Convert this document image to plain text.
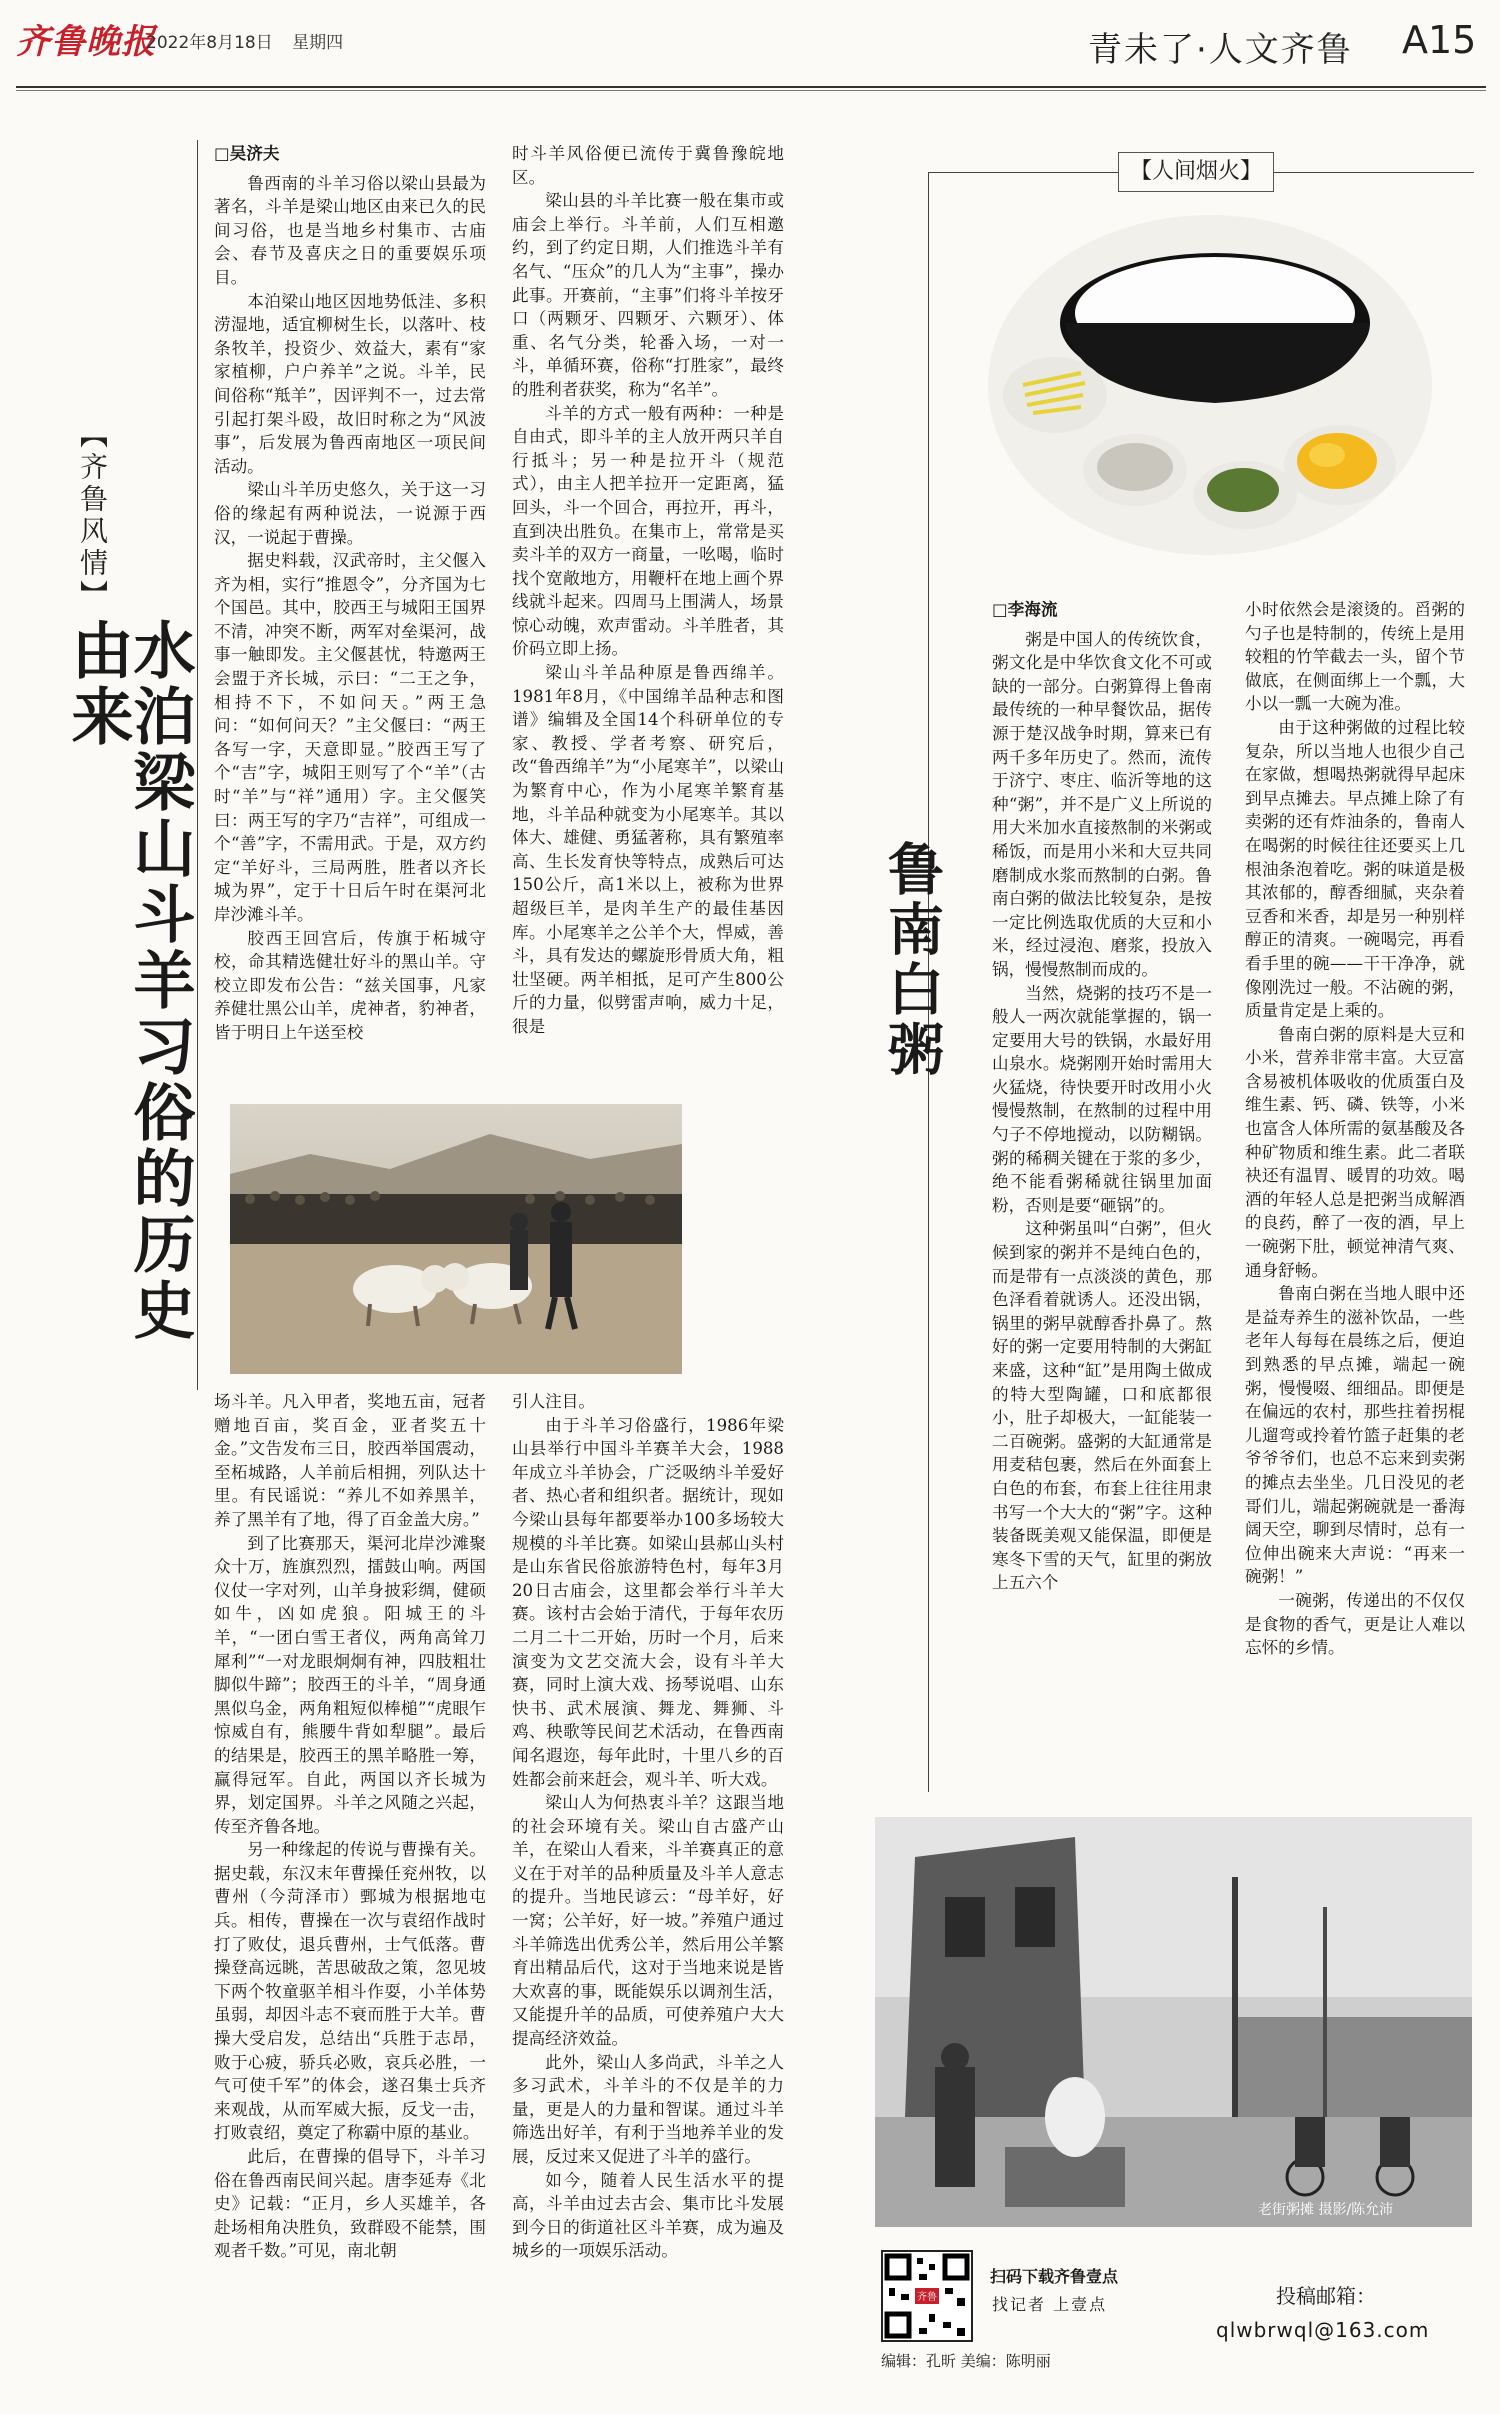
齐鲁晚报
2022年8月18日 星期四	青未了·人文齐鲁 A15
【齐鲁风情】
水泊梁山斗羊习俗的历史由来

□吴济夫

鲁西南的斗羊习俗以梁山县最为著名，斗羊是梁山地区由来已久的民间习俗，也是当地乡村集市、古庙会、春节及喜庆之日的重要娱乐项目。

本泊梁山地区因地势低洼、多积涝湿地，适宜柳树生长，以落叶、枝条牧羊，投资少、效益大，素有“家家植柳，户户养羊”之说。斗羊，民间俗称“羝羊”，因评判不一，过去常引起打架斗殴，故旧时称之为“风波事”，后发展为鲁西南地区一项民间活动。

梁山斗羊历史悠久，关于这一习俗的缘起有两种说法，一说源于西汉，一说起于曹操。

据史料载，汉武帝时，主父偃入齐为相，实行“推恩令”，分齐国为七个国邑。其中，胶西王与城阳王国界不清，冲突不断，两军对垒渠河，战事一触即发。主父偃甚忧，特邀两王会盟于齐长城，示曰：“二王之争，相持不下，不如问天。”两王急问：“如何问天？”主父偃曰：“两王各写一字，天意即显。”胶西王写了个“吉”字，城阳王则写了个“羊”（古时“羊”与“祥”通用）字。主父偃笑曰：两王写的字乃“吉祥”，可组成一个“善”字，不需用武。于是，双方约定“羊好斗，三局两胜，胜者以齐长城为界”，定于十日后午时在渠河北岸沙滩斗羊。

胶西王回宫后，传旗于柘城守校，命其精选健壮好斗的黑山羊。守校立即发布公告：“兹关国事，凡家养健壮黑公山羊，虎神者，豹神者，皆于明日上午送至校

时斗羊风俗便已流传于冀鲁豫皖地区。

梁山县的斗羊比赛一般在集市或庙会上举行。斗羊前，人们互相邀约，到了约定日期，人们推选斗羊有名气、“压众”的几人为“主事”，操办此事。开赛前，“主事”们将斗羊按牙口（两颗牙、四颗牙、六颗牙）、体重、名气分类，轮番入场，一对一斗，单循环赛，俗称“打胜家”，最终的胜利者获奖，称为“名羊”。

斗羊的方式一般有两种：一种是自由式，即斗羊的主人放开两只羊自行抵斗；另一种是拉开斗（规范式），由主人把羊拉开一定距离，猛回头，斗一个回合，再拉开，再斗，直到决出胜负。在集市上，常常是买卖斗羊的双方一商量，一吆喝，临时找个宽敞地方，用鞭杆在地上画个界线就斗起来。四周马上围满人，场景惊心动魄，欢声雷动。斗羊胜者，其价码立即上扬。

梁山斗羊品种原是鲁西绵羊。1981年8月，《中国绵羊品种志和图谱》编辑及全国14个科研单位的专家、教授、学者考察、研究后，改“鲁西绵羊”为“小尾寒羊”，以梁山为繁育中心，作为小尾寒羊繁育基地，斗羊品种就变为小尾寒羊。其以体大、雄健、勇猛著称，具有繁殖率高、生长发育快等特点，成熟后可达150公斤，高1米以上，被称为世界超级巨羊，是肉羊生产的最佳基因库。小尾寒羊之公羊个大，悍威，善斗，具有发达的螺旋形骨质大角，粗壮坚硬。两羊相抵，足可产生800公斤的力量，似劈雷声响，威力十足，很是

场斗羊。凡入甲者，奖地五亩，冠者赠地百亩，奖百金，亚者奖五十金。”文告发布三日，胶西举国震动，至柘城路，人羊前后相拥，列队达十里。有民谣说：“养儿不如养黑羊，养了黑羊有了地，得了百金盖大房。”

到了比赛那天，渠河北岸沙滩聚众十万，旌旗烈烈，擂鼓山响。两国仪仗一字对列，山羊身披彩绸，健硕如牛，凶如虎狼。阳城王的斗羊，“一团白雪王者仪，两角高耸刀犀利”“一对龙眼炯炯有神，四肢粗壮脚似牛蹄”；胶西王的斗羊，“周身通黑似乌金，两角粗短似棒槌”“虎眼乍惊威自有，熊腰牛背如犁腿”。最后的结果是，胶西王的黑羊略胜一筹，赢得冠军。自此，两国以齐长城为界，划定国界。斗羊之风随之兴起，传至齐鲁各地。

另一种缘起的传说与曹操有关。据史载，东汉末年曹操任兖州牧，以曹州（今菏泽市）鄄城为根据地屯兵。相传，曹操在一次与袁绍作战时打了败仗，退兵曹州，士气低落。曹操登高远眺，苦思破敌之策，忽见坡下两个牧童驱羊相斗作耍，小羊体势虽弱，却因斗志不衰而胜于大羊。曹操大受启发，总结出“兵胜于志昂，败于心疲，骄兵必败，哀兵必胜，一气可使千军”的体会，遂召集士兵齐来观战，从而军威大振，反戈一击，打败袁绍，奠定了称霸中原的基业。

此后，在曹操的倡导下，斗羊习俗在鲁西南民间兴起。唐李延寿《北史》记载：“正月，乡人买雄羊，各赴场相角决胜负，致群殴不能禁，围观者千数。”可见，南北朝

引人注目。

由于斗羊习俗盛行，1986年梁山县举行中国斗羊赛羊大会，1988年成立斗羊协会，广泛吸纳斗羊爱好者、热心者和组织者。据统计，现如今梁山县每年都要举办100多场较大规模的斗羊比赛。如梁山县郝山头村是山东省民俗旅游特色村，每年3月20日古庙会，这里都会举行斗羊大赛。该村古会始于清代，于每年农历二月二十二开始，历时一个月，后来演变为文艺交流大会，设有斗羊大赛，同时上演大戏、扬琴说唱、山东快书、武术展演、舞龙、舞狮、斗鸡、秧歌等民间艺术活动，在鲁西南闻名遐迩，每年此时，十里八乡的百姓都会前来赶会，观斗羊、听大戏。

梁山人为何热衷斗羊？这跟当地的社会环境有关。梁山自古盛产山羊，在梁山人看来，斗羊赛真正的意义在于对羊的品种质量及斗羊人意志的提升。当地民谚云：“母羊好，好一窝；公羊好，好一坡。”养殖户通过斗羊筛选出优秀公羊，然后用公羊繁育出精品后代，这对于当地来说是皆大欢喜的事，既能娱乐以调剂生活，又能提升羊的品质，可使养殖户大大提高经济效益。

此外，梁山人多尚武，斗羊之人多习武术，斗羊斗的不仅是羊的力量，更是人的力量和智谋。通过斗羊筛选出好羊，有利于当地养羊业的发展，反过来又促进了斗羊的盛行。

如今，随着人民生活水平的提高，斗羊由过去古会、集市比斗发展到今日的街道社区斗羊赛，成为遍及城乡的一项娱乐活动。

【人间烟火】
鲁南白粥

□李海流

粥是中国人的传统饮食，粥文化是中华饮食文化不可或缺的一部分。白粥算得上鲁南最传统的一种早餐饮品，据传源于楚汉战争时期，算来已有两千多年历史了。然而，流传于济宁、枣庄、临沂等地的这种“粥”，并不是广义上所说的用大米加水直接熬制的米粥或稀饭，而是用小米和大豆共同磨制成水浆而熬制的白粥。鲁南白粥的做法比较复杂，是按一定比例选取优质的大豆和小米，经过浸泡、磨浆，投放入锅，慢慢熬制而成的。

当然，烧粥的技巧不是一般人一两次就能掌握的，锅一定要用大号的铁锅，水最好用山泉水。烧粥刚开始时需用大火猛烧，待快要开时改用小火慢慢熬制，在熬制的过程中用勺子不停地搅动，以防糊锅。粥的稀稠关键在于浆的多少，绝不能看粥稀就往锅里加面粉，否则是要“砸锅”的。

这种粥虽叫“白粥”，但火候到家的粥并不是纯白色的，而是带有一点淡淡的黄色，那色泽看着就诱人。还没出锅，锅里的粥早就醇香扑鼻了。熬好的粥一定要用特制的大粥缸来盛，这种“缸”是用陶土做成的特大型陶罐，口和底都很小，肚子却极大，一缸能装一二百碗粥。盛粥的大缸通常是用麦秸包裹，然后在外面套上白色的布套，布套上往往用隶书写一个大大的“粥”字。这种装备既美观又能保温，即便是寒冬下雪的天气，缸里的粥放上五六个

小时依然会是滚烫的。舀粥的勺子也是特制的，传统上是用较粗的竹竿截去一头，留个节做底，在侧面绑上一个瓢，大小以一瓢一大碗为准。

由于这种粥做的过程比较复杂，所以当地人也很少自己在家做，想喝热粥就得早起床到早点摊去。早点摊上除了有卖粥的还有炸油条的，鲁南人在喝粥的时候往往还要买上几根油条泡着吃。粥的味道是极其浓郁的，醇香细腻，夹杂着豆香和米香，却是另一种别样醇正的清爽。一碗喝完，再看看手里的碗——干干净净，就像刚洗过一般。不沾碗的粥，质量肯定是上乘的。

鲁南白粥的原料是大豆和小米，营养非常丰富。大豆富含易被机体吸收的优质蛋白及维生素、钙、磷、铁等，小米也富含人体所需的氨基酸及各种矿物质和维生素。此二者联袂还有温胃、暖胃的功效。喝酒的年轻人总是把粥当成解酒的良药，醉了一夜的酒，早上一碗粥下肚，顿觉神清气爽、通身舒畅。

鲁南白粥在当地人眼中还是益寿养生的滋补饮品，一些老年人每每在晨练之后，便迫到熟悉的早点摊，端起一碗粥，慢慢啜、细细品。即便是在偏远的农村，那些拄着拐棍儿遛弯或拎着竹篮子赶集的老爷爷爷们，也总不忘来到卖粥的摊点去坐坐。几日没见的老哥们儿，端起粥碗就是一番海阔天空，聊到尽情时，总有一位伸出碗来大声说：“再来一碗粥！”

一碗粥，传递出的不仅仅是食物的香气，更是让人难以忘怀的乡情。

老街粥摊 摄影/陈允沛
齐鲁
扫码下载齐鲁壹点
找记者 上壹点
编辑：孔昕 美编：陈明丽
投稿邮箱：
qlwbrwql@163.com
